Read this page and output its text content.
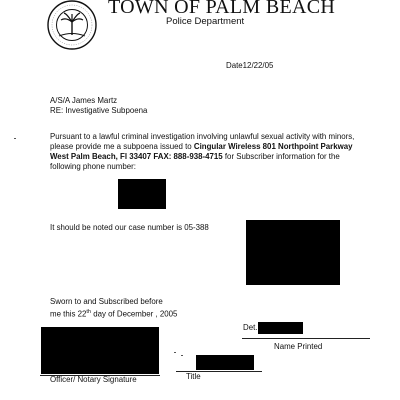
TOWN OF PALM BEACH
Police Department
Date12/22/05
A/S/A James Martz
RE: Investigative Subpoena
Pursuant to a lawful criminal investigation involving unlawful sexual activity with minors,
please provide me a subpoena issued to Cingular Wireless 801 Northpoint Parkway
West Palm Beach, Fl 33407 FAX: 888-938-4715 for Subscriber information for the
following phone number:
It should be noted our case number is 05-388
Sworn to and Subscribed before
me this 22th day of December , 2005
Det.
Name Printed
Officer/ Notary Signature	Title
